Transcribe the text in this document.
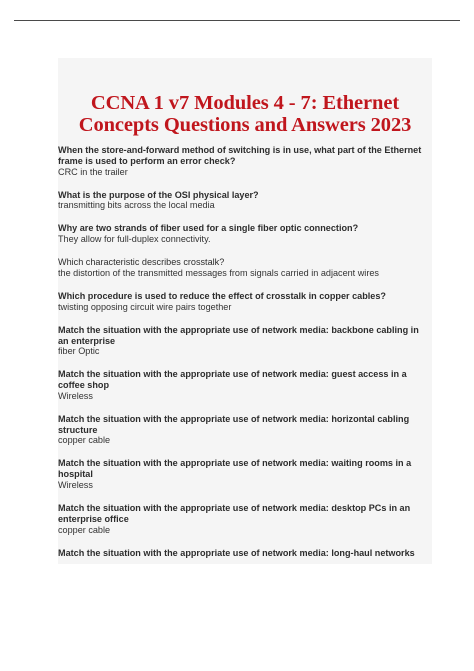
CCNA 1 v7 Modules 4 - 7: Ethernet Concepts Questions and Answers 2023
When the store-and-forward method of switching is in use, what part of the Ethernet frame is used to perform an error check?
CRC in the trailer
What is the purpose of the OSI physical layer?
transmitting bits across the local media
Why are two strands of fiber used for a single fiber optic connection?
They allow for full-duplex connectivity.
Which characteristic describes crosstalk?
the distortion of the transmitted messages from signals carried in adjacent wires
Which procedure is used to reduce the effect of crosstalk in copper cables?
twisting opposing circuit wire pairs together
Match the situation with the appropriate use of network media: backbone cabling in an enterprise
fiber Optic
Match the situation with the appropriate use of network media: guest access in a coffee shop
Wireless
Match the situation with the appropriate use of network media: horizontal cabling structure
copper cable
Match the situation with the appropriate use of network media: waiting rooms in a hospital
Wireless
Match the situation with the appropriate use of network media: desktop PCs in an enterprise office
copper cable
Match the situation with the appropriate use of network media: long-haul networks
